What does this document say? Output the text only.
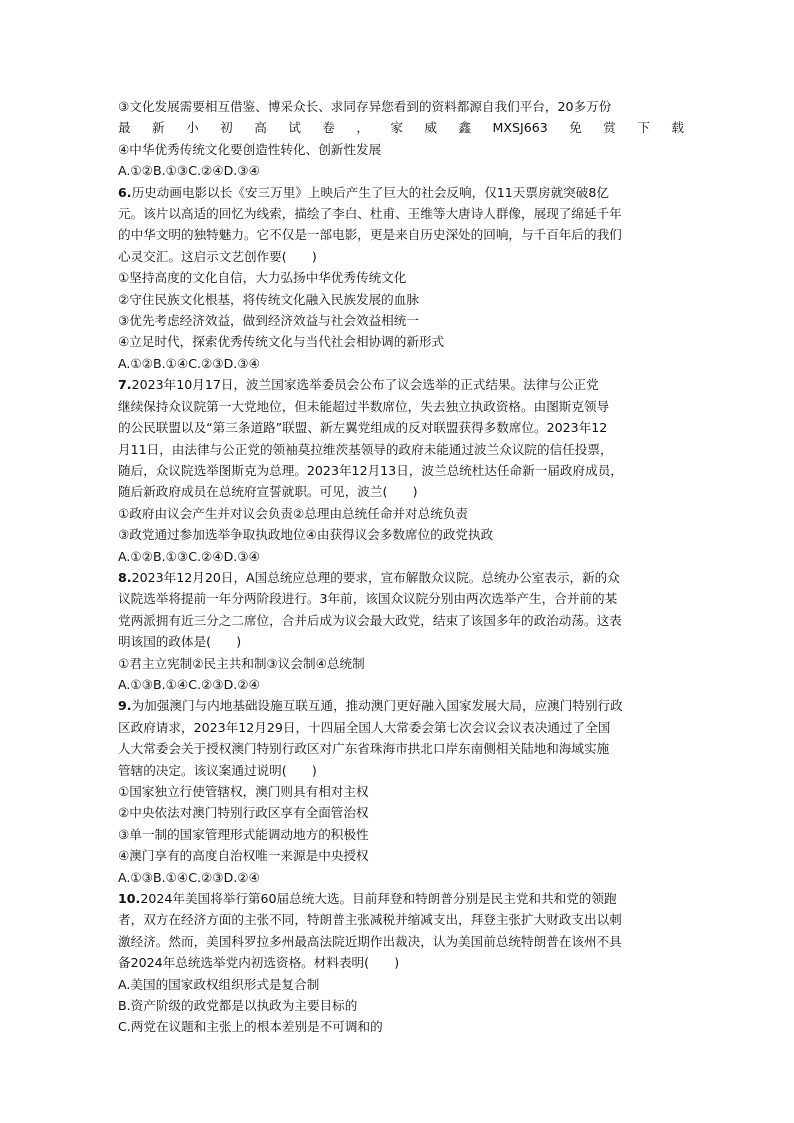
③文化发展需要相互借鉴、博采众长、求同存异您看到的资料都源自我们平台，20多万份
最 新 小 初 高 试 卷 ， 家 威 鑫 MXSJ663 免 赏 下 载
④中华优秀传统文化要创造性转化、创新性发展
A.①②B.①③C.②④D.③④
6.历史动画电影以长《安三万里》上映后产生了巨大的社会反响，仅11天票房就突破8亿
元。该片以高适的回忆为线索，描绘了李白、杜甫、王维等大唐诗人群像，展现了绵延千年
的中华文明的独特魅力。它不仅是一部电影，更是来自历史深处的回响，与千百年后的我们
心灵交汇。这启示文艺创作要(　　)
①坚持高度的文化自信，大力弘扬中华优秀传统文化
②守住民族文化根基，将传统文化融入民族发展的血脉
③优先考虑经济效益，做到经济效益与社会效益相统一
④立足时代，探索优秀传统文化与当代社会相协调的新形式
A.①②B.①④C.②③D.③④
7.2023年10月17日，波兰国家选举委员会公布了议会选举的正式结果。法律与公正党
继续保持众议院第一大党地位，但未能超过半数席位，失去独立执政资格。由图斯克领导
的公民联盟以及“第三条道路”联盟、新左翼党组成的反对联盟获得多数席位。2023年12
月11日，由法律与公正党的领袖莫拉维茨基领导的政府未能通过波兰众议院的信任投票，
随后，众议院选举图斯克为总理。2023年12月13日，波兰总统杜达任命新一届政府成员，
随后新政府成员在总统府宣誓就职。可见，波兰(　　)
①政府由议会产生并对议会负责②总理由总统任命并对总统负责
③政党通过参加选举争取执政地位④由获得议会多数席位的政党执政
A.①②B.①③C.②④D.③④
8.2023年12月20日，A国总统应总理的要求，宣布解散众议院。总统办公室表示，新的众
议院选举将提前一年分两阶段进行。3年前，该国众议院分别由两次选举产生，合并前的某
党两派拥有近三分之二席位，合并后成为议会最大政党，结束了该国多年的政治动荡。这表
明该国的政体是(　　)
①君主立宪制②民主共和制③议会制④总统制
A.①③B.①④C.②③D.②④
9.为加强澳门与内地基础设施互联互通，推动澳门更好融入国家发展大局，应澳门特别行政
区政府请求，2023年12月29日，十四届全国人大常委会第七次会议会议表决通过了全国
人大常委会关于授权澳门特别行政区对广东省珠海市拱北口岸东南侧相关陆地和海域实施
管辖的决定。该议案通过说明(　　)
①国家独立行使管辖权，澳门则具有相对主权
②中央依法对澳门特别行政区享有全面管治权
③单一制的国家管理形式能调动地方的积极性
④澳门享有的高度自治权唯一来源是中央授权
A.①③B.①④C.②③D.②④
10.2024年美国将举行第60届总统大选。目前拜登和特朗普分别是民主党和共和党的领跑
者，双方在经济方面的主张不同，特朗普主张减税并缩减支出，拜登主张扩大财政支出以刺
激经济。然而，美国科罗拉多州最高法院近期作出裁决，认为美国前总统特朗普在该州不具
备2024年总统选举党内初选资格。材料表明(　　)
A.美国的国家政权组织形式是复合制
B.资产阶级的政党都是以执政为主要目标的
C.两党在议题和主张上的根本差别是不可调和的
